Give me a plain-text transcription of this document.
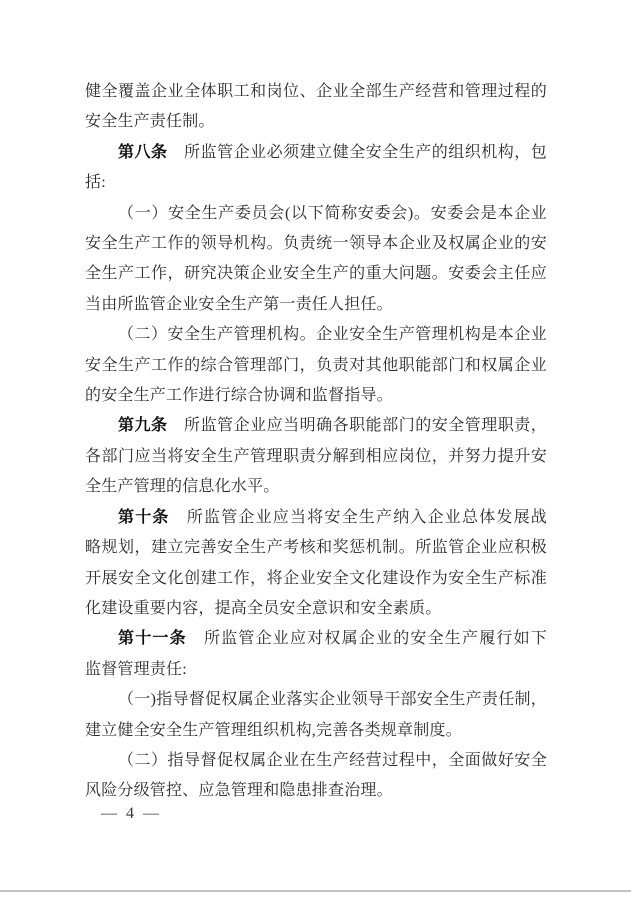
健全覆盖企业全体职工和岗位、企业全部生产经营和管理过程的
安全生产责任制。
第八条　所监管企业必须建立健全安全生产的组织机构，包
括:
（一）安全生产委员会(以下简称安委会)。安委会是本企业
安全生产工作的领导机构。负责统一领导本企业及权属企业的安
全生产工作，研究决策企业安全生产的重大问题。安委会主任应
当由所监管企业安全生产第一责任人担任。
（二）安全生产管理机构。企业安全生产管理机构是本企业
安全生产工作的综合管理部门，负责对其他职能部门和权属企业
的安全生产工作进行综合协调和监督指导。
第九条　所监管企业应当明确各职能部门的安全管理职责，
各部门应当将安全生产管理职责分解到相应岗位，并努力提升安
全生产管理的信息化水平。
第十条　所监管企业应当将安全生产纳入企业总体发展战
略规划，建立完善安全生产考核和奖惩机制。所监管企业应积极
开展安全文化创建工作，将企业安全文化建设作为安全生产标准
化建设重要内容，提高全员安全意识和安全素质。
第十一条　所监管企业应对权属企业的安全生产履行如下
监督管理责任:
（一)指导督促权属企业落实企业领导干部安全生产责任制，
建立健全安全生产管理组织机构,完善各类规章制度。
（二）指导督促权属企业在生产经营过程中，全面做好安全
风险分级管控、应急管理和隐患排查治理。
— 4 —
